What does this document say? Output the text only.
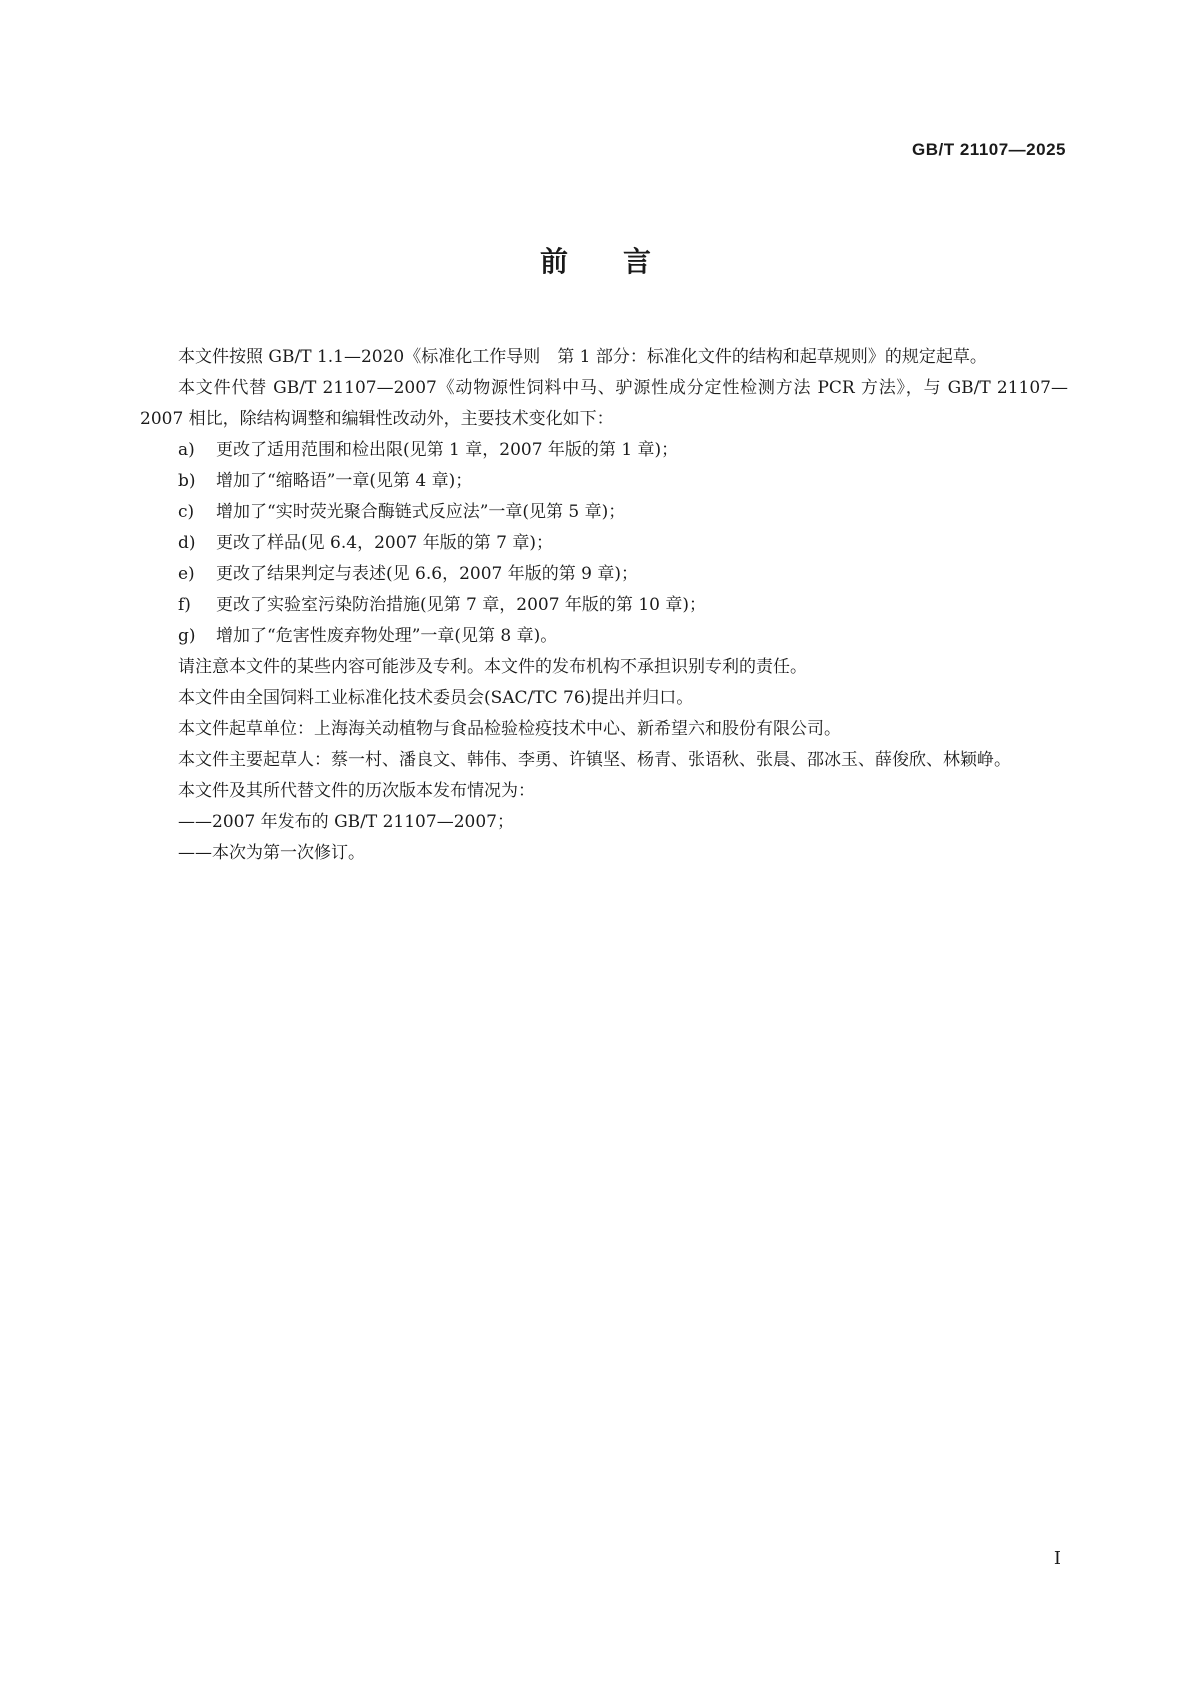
GB/T 21107—2025
前言

本文件按照 GB/T 1.1—2020《标准化工作导则　第 1 部分：标准化文件的结构和起草规则》的规定起草。

本文件代替 GB/T 21107—2007《动物源性饲料中马、驴源性成分定性检测方法 PCR 方法》，与 GB/T 21107—2007 相比，除结构调整和编辑性改动外，主要技术变化如下：

a)	更改了适用范围和检出限(见第 1 章，2007 年版的第 1 章)；

b)	增加了“缩略语”一章(见第 4 章)；

c)	增加了“实时荧光聚合酶链式反应法”一章(见第 5 章)；

d)	更改了样品(见 6.4，2007 年版的第 7 章)；

e)	更改了结果判定与表述(见 6.6，2007 年版的第 9 章)；

f)	更改了实验室污染防治措施(见第 7 章，2007 年版的第 10 章)；

g)	增加了“危害性废弃物处理”一章(见第 8 章)。

请注意本文件的某些内容可能涉及专利。本文件的发布机构不承担识别专利的责任。

本文件由全国饲料工业标准化技术委员会(SAC/TC 76)提出并归口。

本文件起草单位：上海海关动植物与食品检验检疫技术中心、新希望六和股份有限公司。

本文件主要起草人：蔡一村、潘良文、韩伟、李勇、许镇坚、杨青、张语秋、张晨、邵冰玉、薛俊欣、林颖峥。

本文件及其所代替文件的历次版本发布情况为：

——2007 年发布的 GB/T 21107—2007；

——本次为第一次修订。

I
